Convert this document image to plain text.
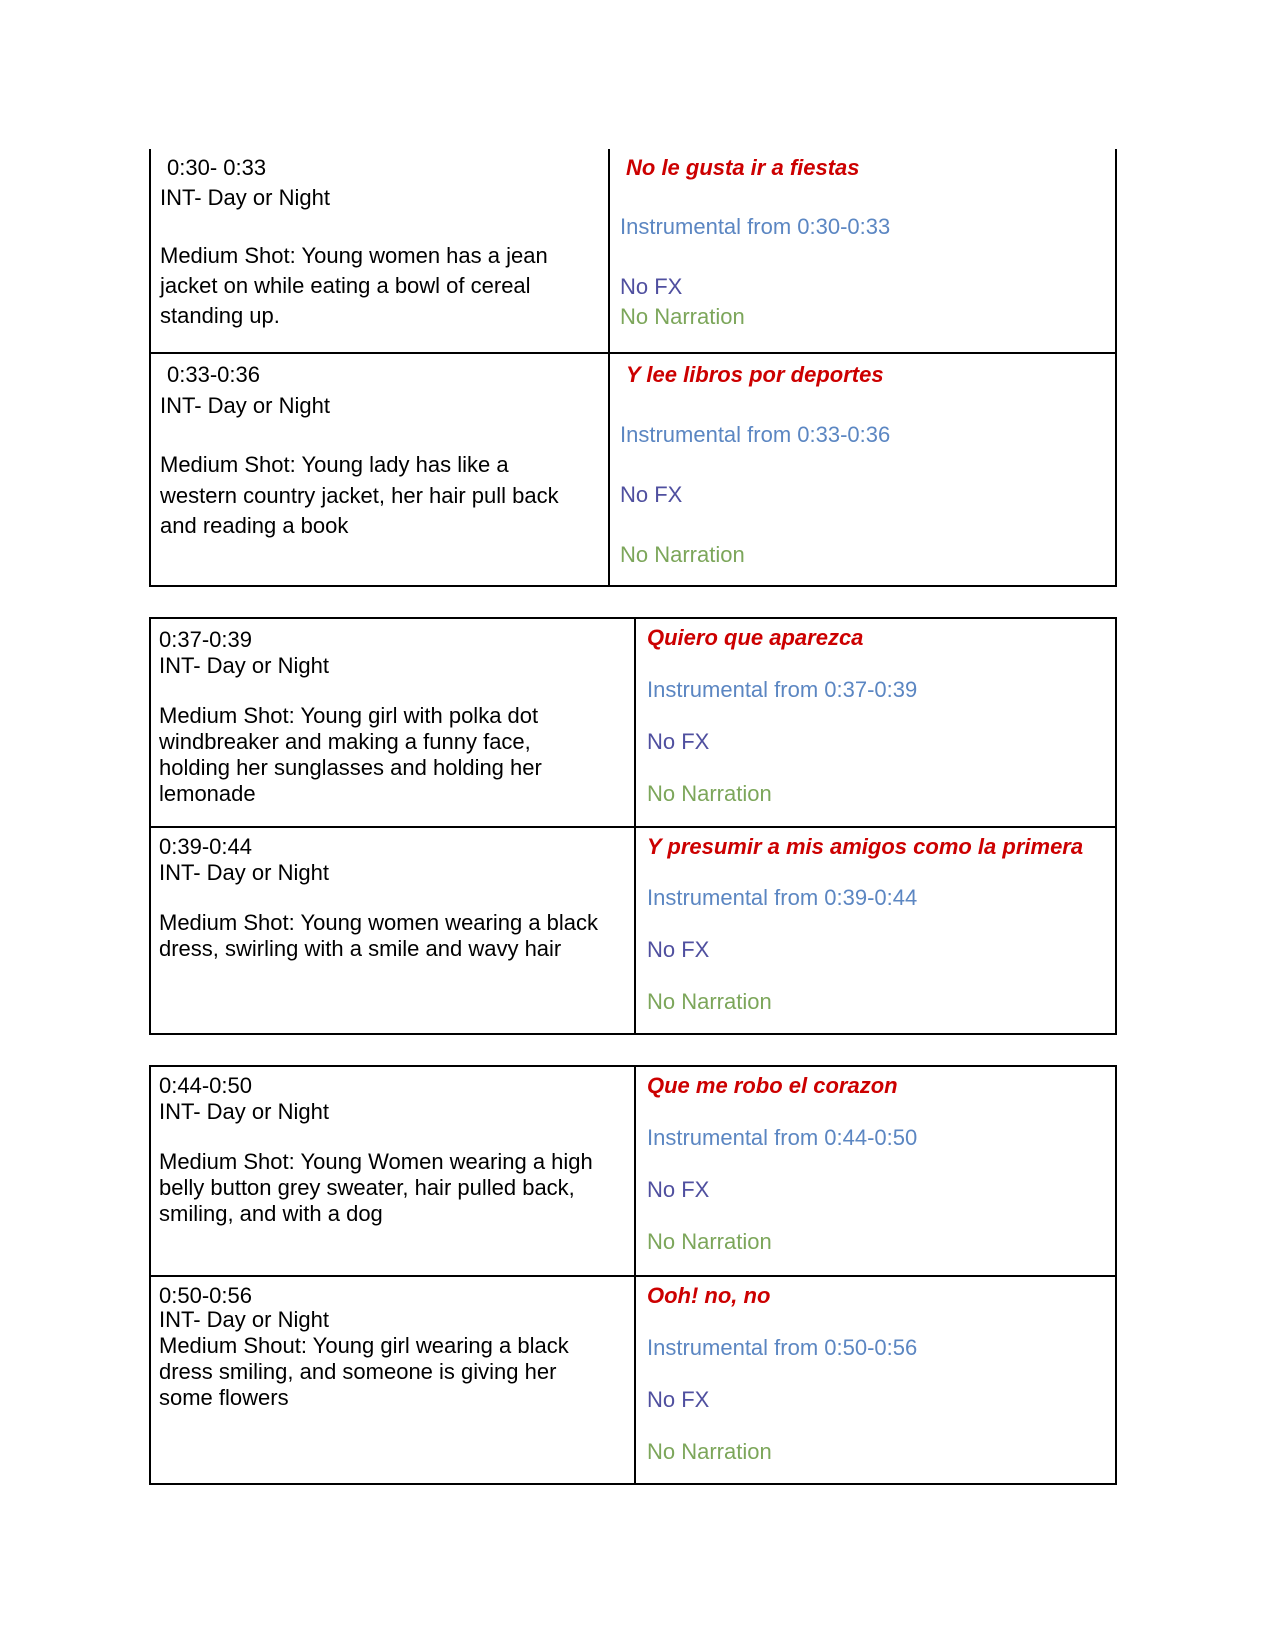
0:30- 0:33

INT- Day or Night

Medium Shot: Young women has a jean

jacket on while eating a bowl of cereal

standing up.

No le gusta ir a fiestas

Instrumental from 0:30-0:33

No FX

No Narration

0:33-0:36

INT- Day or Night

Medium Shot: Young lady has like a

western country jacket, her hair pull back

and reading a book

Y lee libros por deportes

Instrumental from 0:33-0:36

No FX

No Narration

0:37-0:39

INT- Day or Night

Medium Shot: Young girl with polka dot

windbreaker and making a funny face,

holding her sunglasses and holding her

lemonade

Quiero que aparezca

Instrumental from 0:37-0:39

No FX

No Narration

0:39-0:44

INT- Day or Night

Medium Shot: Young women wearing a black

dress, swirling with a smile and wavy hair

Y presumir a mis amigos como la primera

Instrumental from 0:39-0:44

No FX

No Narration

0:44-0:50

INT- Day or Night

Medium Shot: Young Women wearing a high

belly button grey sweater, hair pulled back,

smiling, and with a dog

Que me robo el corazon

Instrumental from 0:44-0:50

No FX

No Narration

0:50-0:56

INT- Day or Night

Medium Shout: Young girl wearing a black

dress smiling, and someone is giving her

some flowers

Ooh! no, no

Instrumental from 0:50-0:56

No FX

No Narration
